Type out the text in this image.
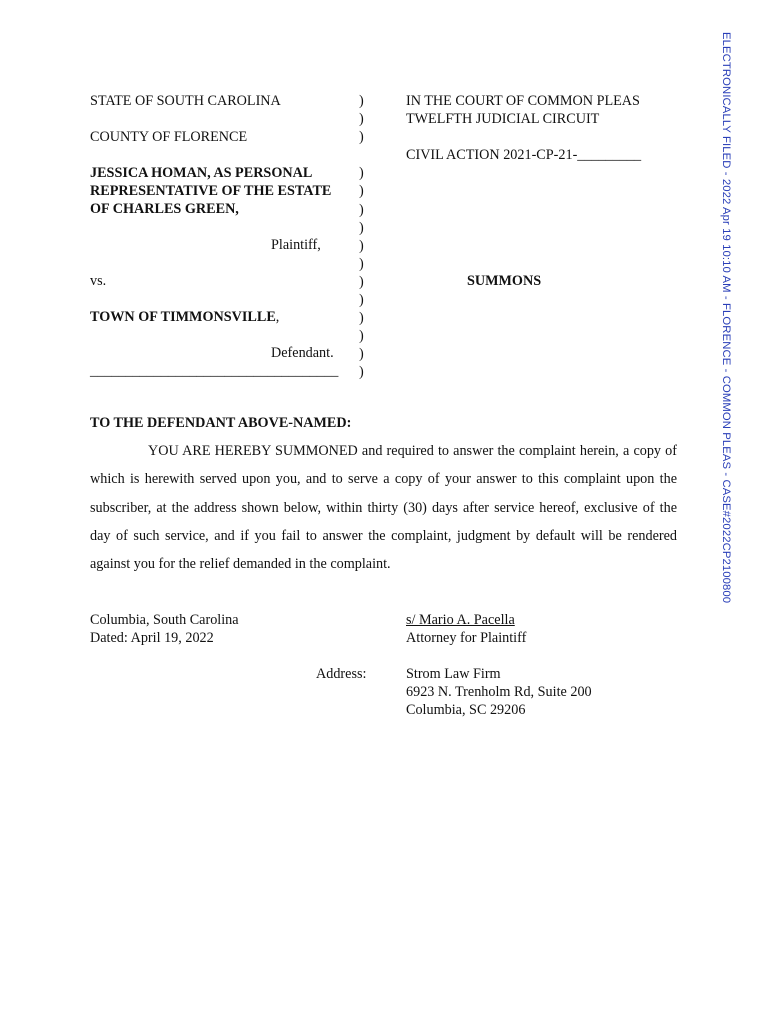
ELECTRONICALLY FILED - 2022 Apr 19 10:10 AM - FLORENCE - COMMON PLEAS - CASE#2022CP2100800
STATE OF SOUTH CAROLINA
COUNTY OF FLORENCE
JESSICA HOMAN, AS PERSONAL
REPRESENTATIVE OF THE ESTATE
OF CHARLES GREEN,
Plaintiff,
vs.
TOWN OF TIMMONSVILLE,
Defendant.
___________________________________
)
)
)
)
)
)
)
)
)
)
)
)
)
)
)
IN THE COURT OF COMMON PLEAS
TWELFTH JUDICIAL CIRCUIT
CIVIL ACTION 2021-CP-21-_________
SUMMONS
TO THE DEFENDANT ABOVE-NAMED:
YOU ARE HEREBY SUMMONED and required to answer the complaint herein, a copy of which is herewith served upon you, and to serve a copy of your answer to this complaint upon the subscriber, at the address shown below, within thirty (30) days after service hereof, exclusive of the day of such service, and if you fail to answer the complaint, judgment by default will be rendered against you for the relief demanded in the complaint.
Columbia, South Carolina
Dated: April 19, 2022
s/ Mario A. Pacella
Attorney for Plaintiff
Address:	Strom Law Firm
6923 N. Trenholm Rd, Suite 200
Columbia, SC 29206
